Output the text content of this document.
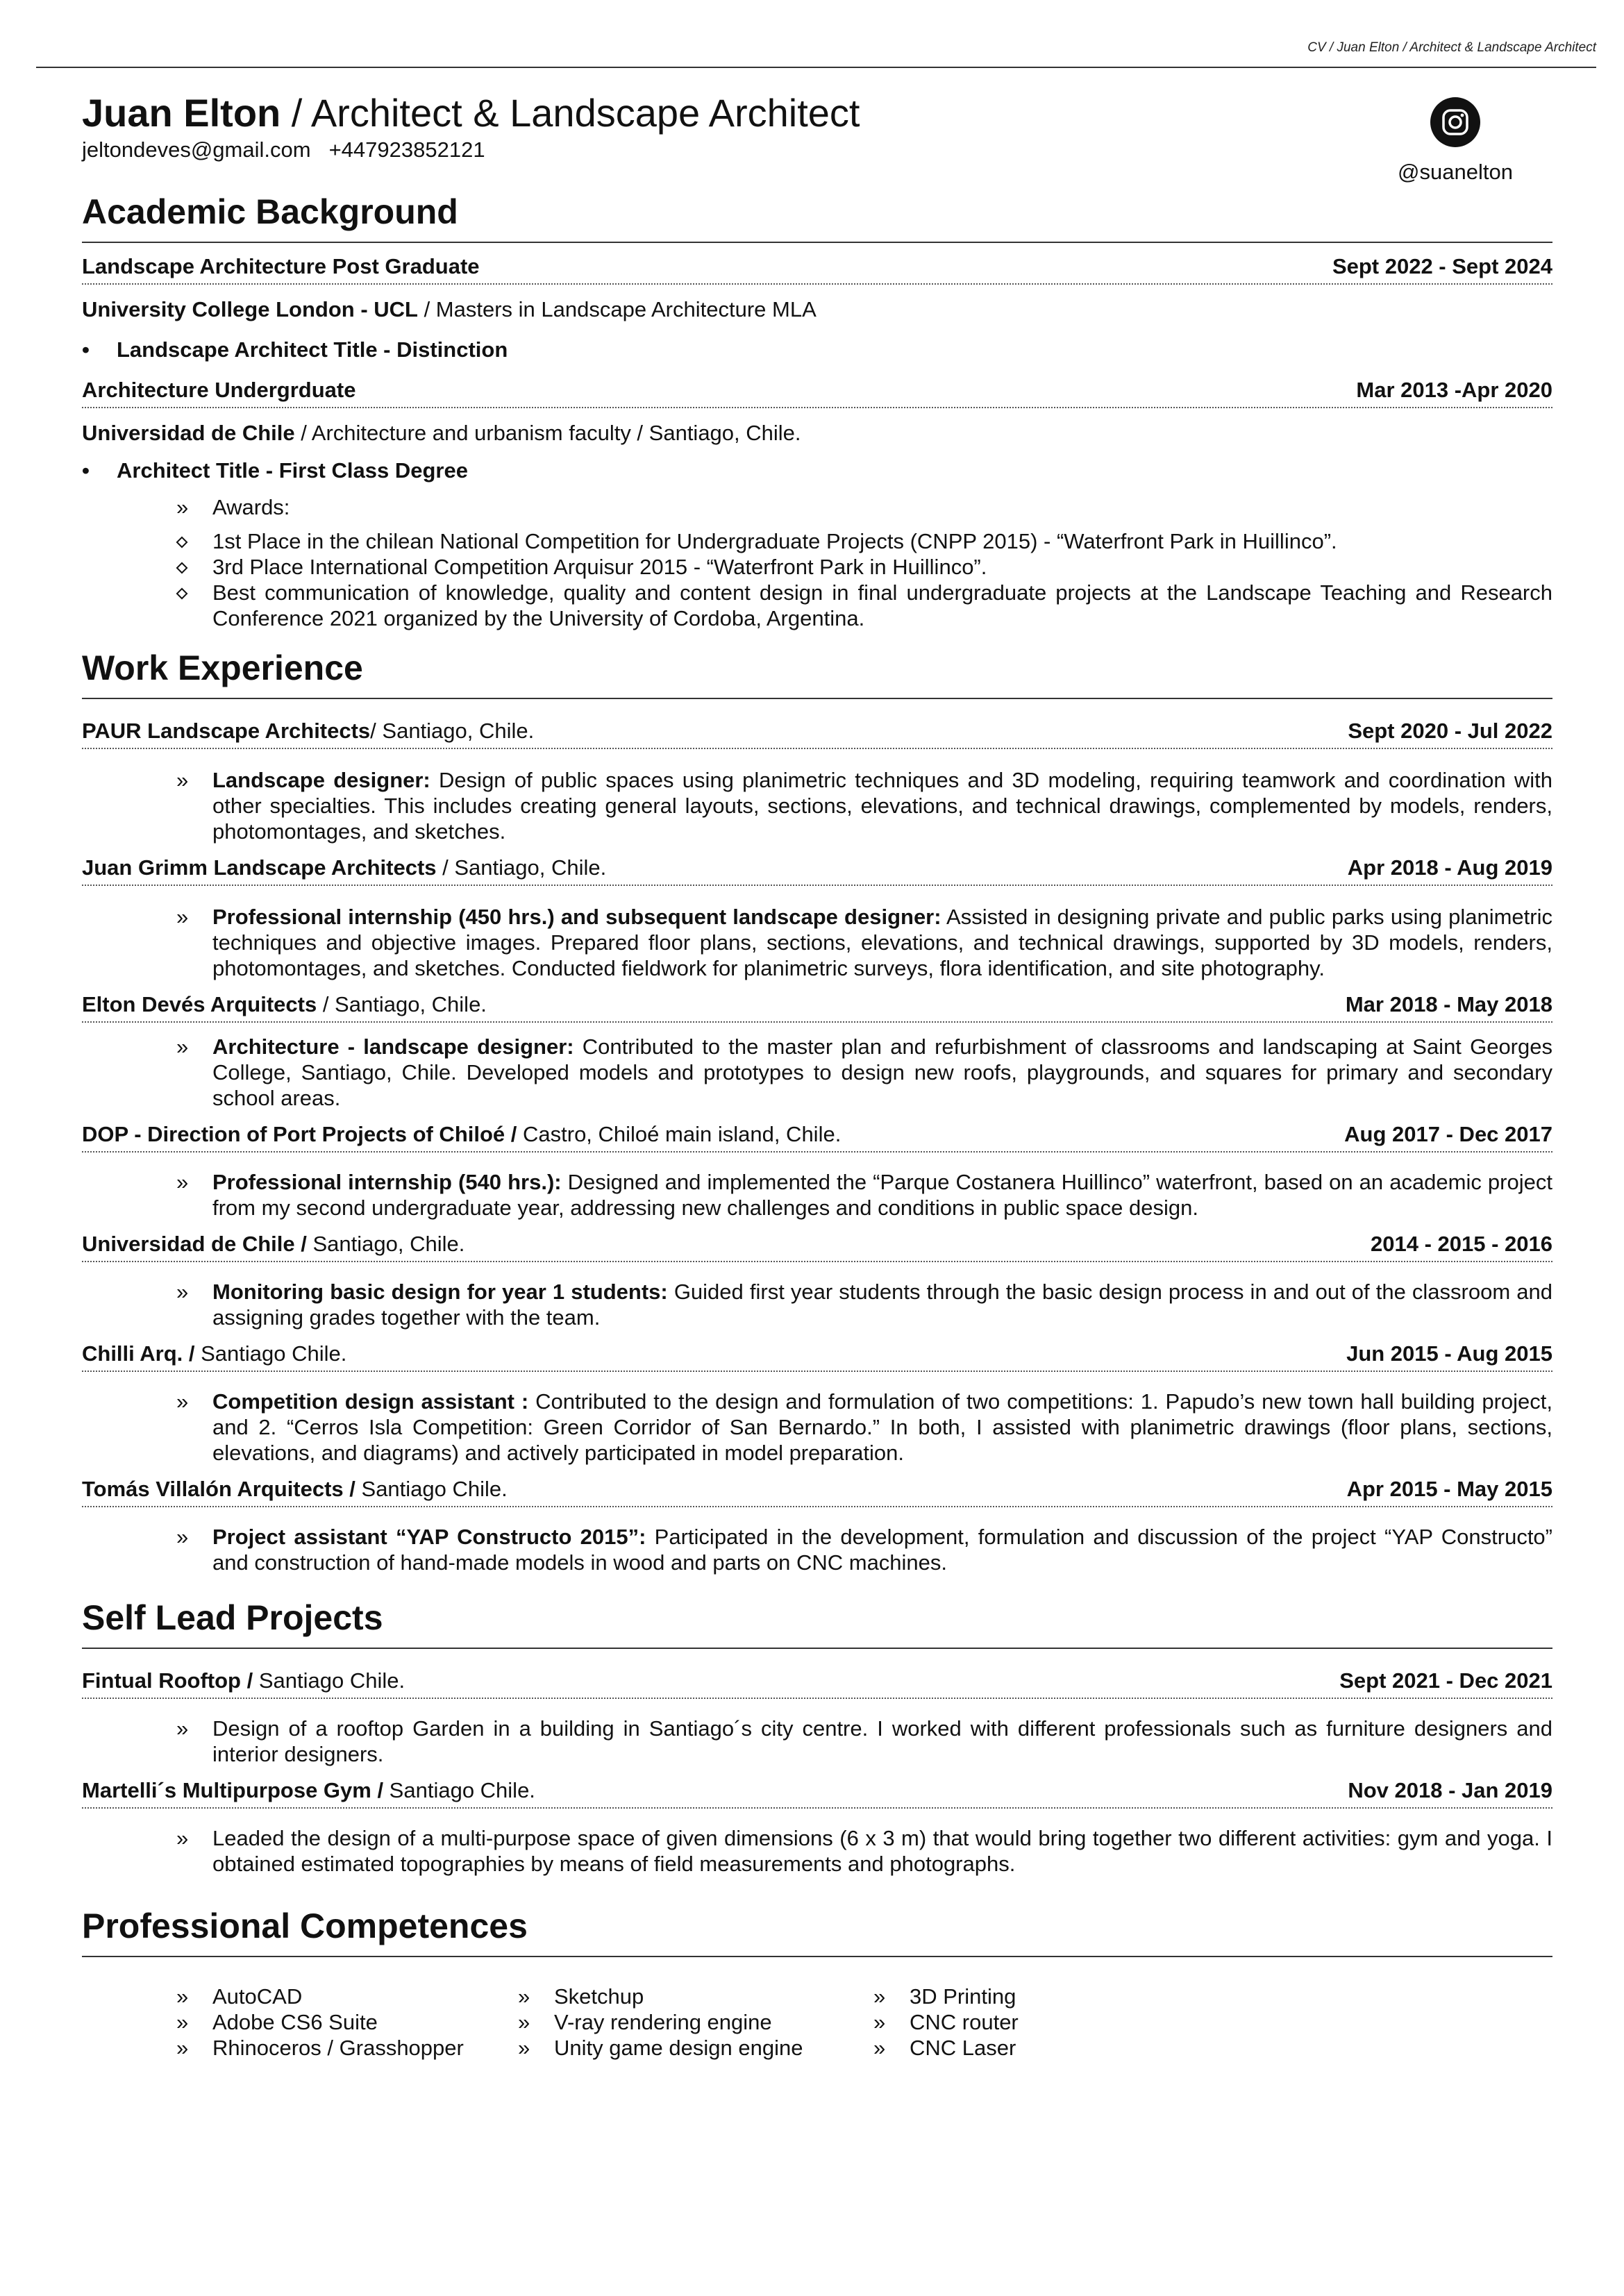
CV / Juan Elton / Architect & Landscape Architect
Juan Elton / Architect & Landscape Architect
jeltondeves@gmail.com +447923852121
@suanelton
Academic Background
Landscape Architecture Post Graduate	Sept 2022 - Sept 2024
University College London - UCL / Masters in Landscape Architecture MLA
• Landscape Architect Title - Distinction
Architecture Undergrduate	Mar 2013 -Apr 2020
Universidad de Chile / Architecture and urbanism faculty / Santiago, Chile.
• Architect Title - First Class Degree
» Awards:
1st Place in the chilean National Competition for Undergraduate Projects (CNPP 2015) - “Waterfront Park in Huillinco”.
3rd Place International Competition Arquisur 2015 - “Waterfront Park in Huillinco”.
Best communication of knowledge, quality and content design in final undergraduate projects at the Landscape Teaching and Research Conference 2021 organized by the University of Cordoba, Argentina.
Work Experience
PAUR Landscape Architects/ Santiago, Chile.	Sept 2020 - Jul 2022
» Landscape designer: Design of public spaces using planimetric techniques and 3D modeling, requiring teamwork and coordination with other specialties. This includes creating general layouts, sections, elevations, and technical drawings, complemented by models, renders, photomontages, and sketches.
Juan Grimm Landscape Architects / Santiago, Chile.	Apr 2018 - Aug 2019
» Professional internship (450 hrs.) and subsequent landscape designer: Assisted in designing private and public parks using planimetric techniques and objective images. Prepared floor plans, sections, elevations, and technical drawings, supported by 3D models, renders, photomontages, and sketches. Conducted fieldwork for planimetric surveys, flora identification, and site photography.
Elton Devés Arquitects / Santiago, Chile.	Mar 2018 - May 2018
» Architecture - landscape designer: Contributed to the master plan and refurbishment of classrooms and landscaping at Saint Georges College, Santiago, Chile. Developed models and prototypes to design new roofs, playgrounds, and squares for primary and secondary school areas.
DOP - Direction of Port Projects of Chiloé / Castro, Chiloé main island, Chile.	Aug 2017 - Dec 2017
» Professional internship (540 hrs.): Designed and implemented the “Parque Costanera Huillinco” waterfront, based on an academic project from my second undergraduate year, addressing new challenges and conditions in public space design.
Universidad de Chile / Santiago, Chile.	2014 - 2015 - 2016
» Monitoring basic design for year 1 students: Guided first year students through the basic design process in and out of the classroom and assigning grades together with the team.
Chilli Arq. / Santiago Chile.	Jun 2015 - Aug 2015
» Competition design assistant : Contributed to the design and formulation of two competitions: 1. Papudo’s new town hall building project, and 2. “Cerros Isla Competition: Green Corridor of San Bernardo.” In both, I assisted with planimetric drawings (floor plans, sections, elevations, and diagrams) and actively participated in model preparation.
Tomás Villalón Arquitects / Santiago Chile.	Apr 2015 - May 2015
» Project assistant “YAP Constructo 2015”: Participated in the development, formulation and discussion of the project “YAP Constructo” and construction of hand-made models in wood and parts on CNC machines.
Self Lead Projects
Fintual Rooftop / Santiago Chile.	Sept 2021 - Dec 2021
» Design of a rooftop Garden in a building in Santiago´s city centre. I worked with different professionals such as furniture designers and interior designers.
Martelli´s Multipurpose Gym / Santiago Chile.	Nov 2018 - Jan 2019
» Leaded the design of a multi-purpose space of given dimensions (6 x 3 m) that would bring together two different activities: gym and yoga. I obtained estimated topographies by means of field measurements and photographs.
Professional Competences
» AutoCAD
» Adobe CS6 Suite
» Rhinoceros / Grasshopper
» Sketchup
» V-ray rendering engine
» Unity game design engine
» 3D Printing
» CNC router
» CNC Laser
